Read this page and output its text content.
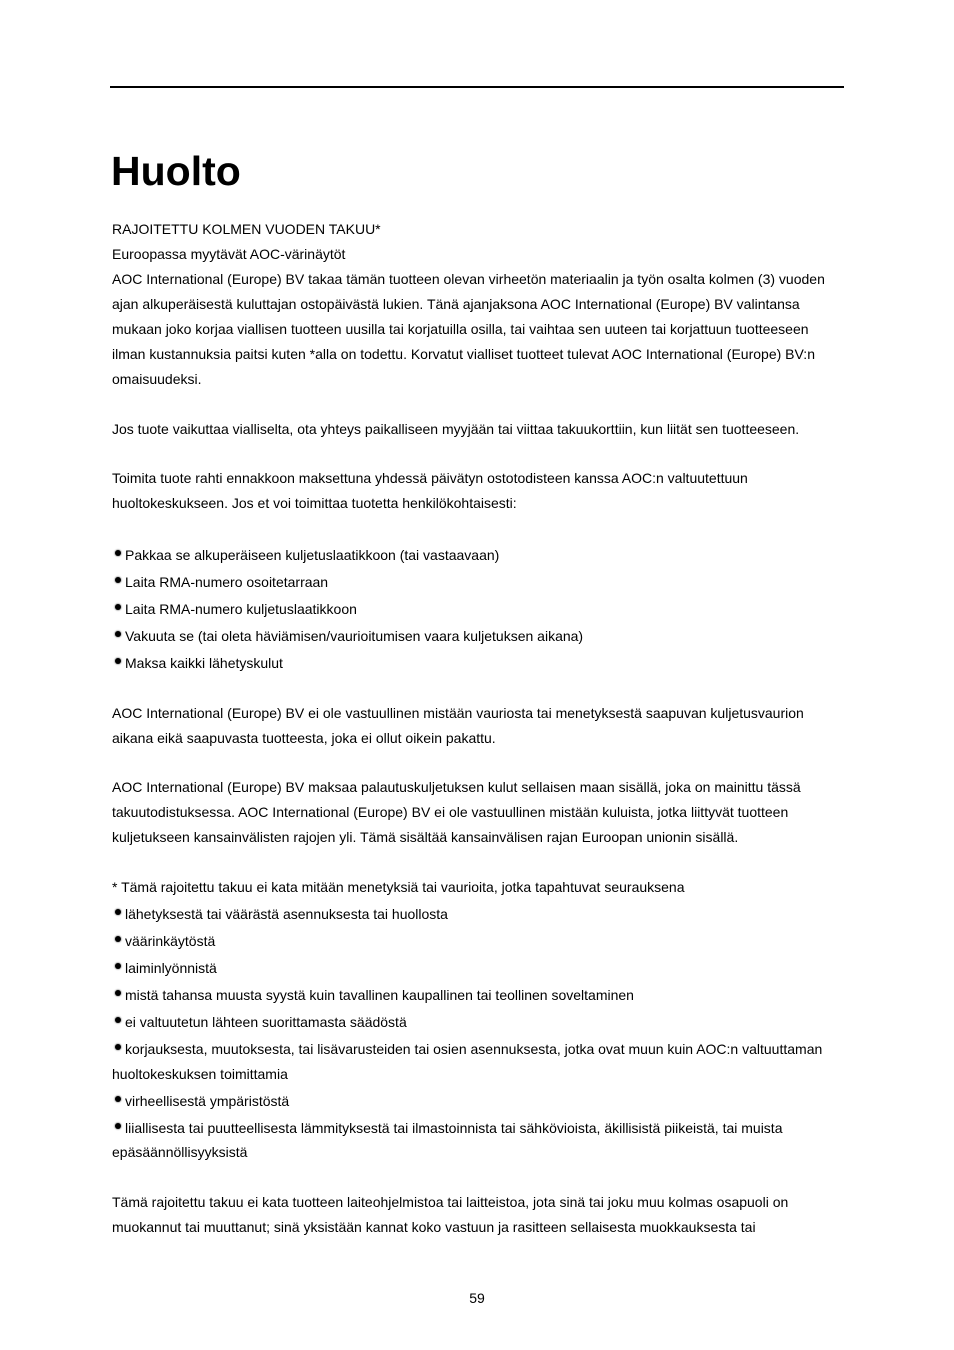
Huolto
RAJOITETTU KOLMEN VUODEN TAKUU*
Euroopassa myytävät AOC-värinäytöt
AOC International (Europe) BV takaa tämän tuotteen olevan virheetön materiaalin ja työn osalta kolmen (3) vuoden
ajan alkuperäisestä kuluttajan ostopäivästä lukien. Tänä ajanjaksona AOC International (Europe) BV valintansa
mukaan joko korjaa viallisen tuotteen uusilla tai korjatuilla osilla, tai vaihtaa sen uuteen tai korjattuun tuotteeseen
ilman kustannuksia paitsi kuten *alla on todettu. Korvatut vialliset tuotteet tulevat AOC International (Europe) BV:n
omaisuudeksi.
Jos tuote vaikuttaa vialliselta, ota yhteys paikalliseen myyjään tai viittaa takuukorttiin, kun liität sen tuotteeseen.
Toimita tuote rahti ennakkoon maksettuna yhdessä päivätyn ostotodisteen kanssa AOC:n valtuutettuun
huoltokeskukseen. Jos et voi toimittaa tuotetta henkilökohtaisesti:
Pakkaa se alkuperäiseen kuljetuslaatikkoon (tai vastaavaan)
Laita RMA-numero osoitetarraan
Laita RMA-numero kuljetuslaatikkoon
Vakuuta se (tai oleta häviämisen/vaurioitumisen vaara kuljetuksen aikana)
Maksa kaikki lähetyskulut
AOC International (Europe) BV ei ole vastuullinen mistään vauriosta tai menetyksestä saapuvan kuljetusvaurion
aikana eikä saapuvasta tuotteesta, joka ei ollut oikein pakattu.
AOC International (Europe) BV maksaa palautuskuljetuksen kulut sellaisen maan sisällä, joka on mainittu tässä
takuutodistuksessa. AOC International (Europe) BV ei ole vastuullinen mistään kuluista, jotka liittyvät tuotteen
kuljetukseen kansainvälisten rajojen yli. Tämä sisältää kansainvälisen rajan Euroopan unionin sisällä.
* Tämä rajoitettu takuu ei kata mitään menetyksiä tai vaurioita, jotka tapahtuvat seurauksena
lähetyksestä tai väärästä asennuksesta tai huollosta
väärinkäytöstä
laiminlyönnistä
mistä tahansa muusta syystä kuin tavallinen kaupallinen tai teollinen soveltaminen
ei valtuutetun lähteen suorittamasta säädöstä
korjauksesta, muutoksesta, tai lisävarusteiden tai osien asennuksesta, jotka ovat muun kuin AOC:n valtuuttaman
huoltokeskuksen toimittamia
virheellisestä ympäristöstä
liiallisesta tai puutteellisesta lämmityksestä tai ilmastoinnista tai sähkövioista, äkillisistä piikeistä, tai muista
epäsäännöllisyyksistä
Tämä rajoitettu takuu ei kata tuotteen laiteohjelmistoa tai laitteistoa, jota sinä tai joku muu kolmas osapuoli on
muokannut tai muuttanut; sinä yksistään kannat koko vastuun ja rasitteen sellaisesta muokkauksesta tai
59
